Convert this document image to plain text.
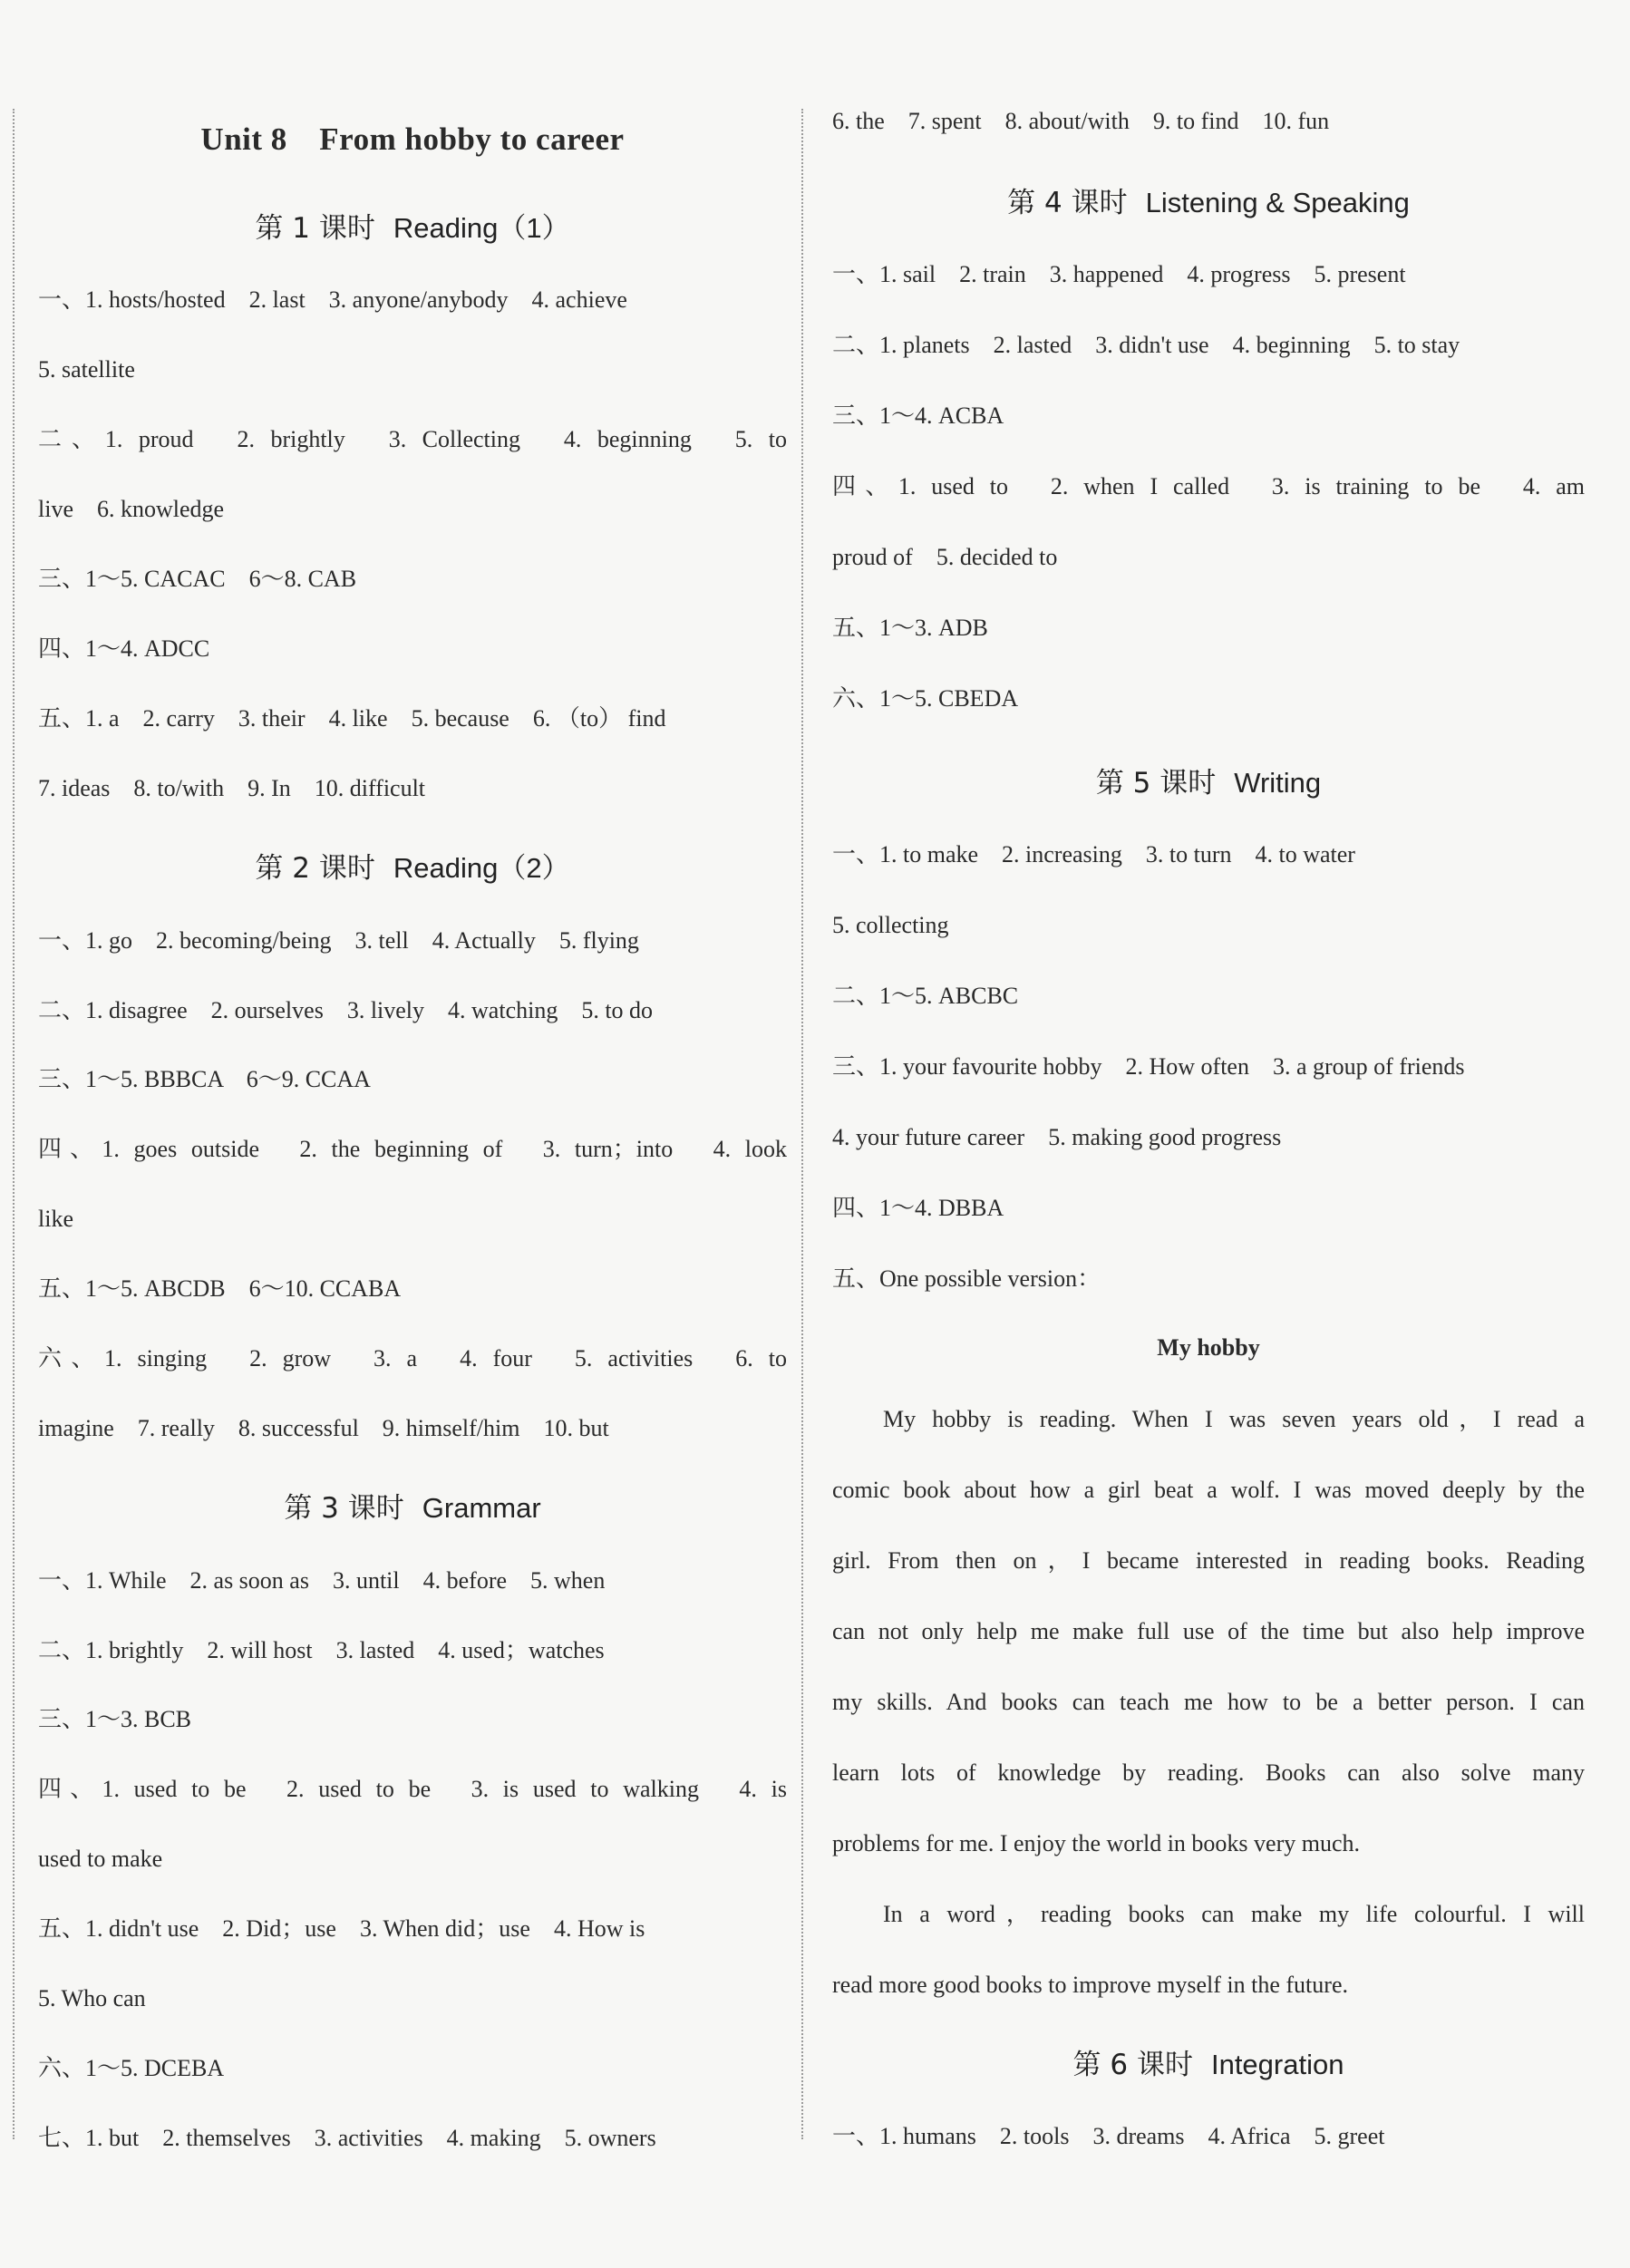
Unit 8　From hobby to career
第 1 课时 Reading（1）
一、1. hosts/hosted　2. last　3. anyone/anybody　4. achieve
5. satellite
二、1. proud　2. brightly　3. Collecting　4. beginning　5. to
live　6. knowledge
三、1～5. CACAC　6～8. CAB
四、1～4. ADCC
五、1. a　2. carry　3. their　4. like　5. because　6. （to） find
7. ideas　8. to/with　9. In　10. difficult
第 2 课时 Reading（2）
一、1. go　2. becoming/being　3. tell　4. Actually　5. flying
二、1. disagree　2. ourselves　3. lively　4. watching　5. to do
三、1～5. BBBCA　6～9. CCAA
四、1. goes outside　2. the beginning of　3. turn；into　4. look
like
五、1～5. ABCDB　6～10. CCABA
六、1. singing　2. grow　3. a　4. four　5. activities　6. to
imagine　7. really　8. successful　9. himself/him　10. but
第 3 课时 Grammar
一、1. While　2. as soon as　3. until　4. before　5. when
二、1. brightly　2. will host　3. lasted　4. used；watches
三、1～3. BCB
四、1. used to be　2. used to be　3. is used to walking　4. is
used to make
五、1. didn't use　2. Did；use　3. When did；use　4. How is
5. Who can
六、1～5. DCEBA
七、1. but　2. themselves　3. activities　4. making　5. owners
6. the　7. spent　8. about/with　9. to find　10. fun
第 4 课时 Listening & Speaking
一、1. sail　2. train　3. happened　4. progress　5. present
二、1. planets　2. lasted　3. didn't use　4. beginning　5. to stay
三、1～4. ACBA
四、1. used to　2. when I called　3. is training to be　4. am
proud of　5. decided to
五、1～3. ADB
六、1～5. CBEDA
第 5 课时 Writing
一、1. to make　2. increasing　3. to turn　4. to water
5. collecting
二、1～5. ABCBC
三、1. your favourite hobby　2. How often　3. a group of friends
4. your future career　5. making good progress
四、1～4. DBBA
五、One possible version：
My hobby
My hobby is reading. When I was seven years old，I read a
comic book about how a girl beat a wolf. I was moved deeply by the
girl. From then on，I became interested in reading books. Reading
can not only help me make full use of the time but also help improve
my skills. And books can teach me how to be a better person. I can
learn lots of knowledge by reading. Books can also solve many
problems for me. I enjoy the world in books very much.
In a word，reading books can make my life colourful. I will
read more good books to improve myself in the future.
第 6 课时 Integration
一、1. humans　2. tools　3. dreams　4. Africa　5. greet
